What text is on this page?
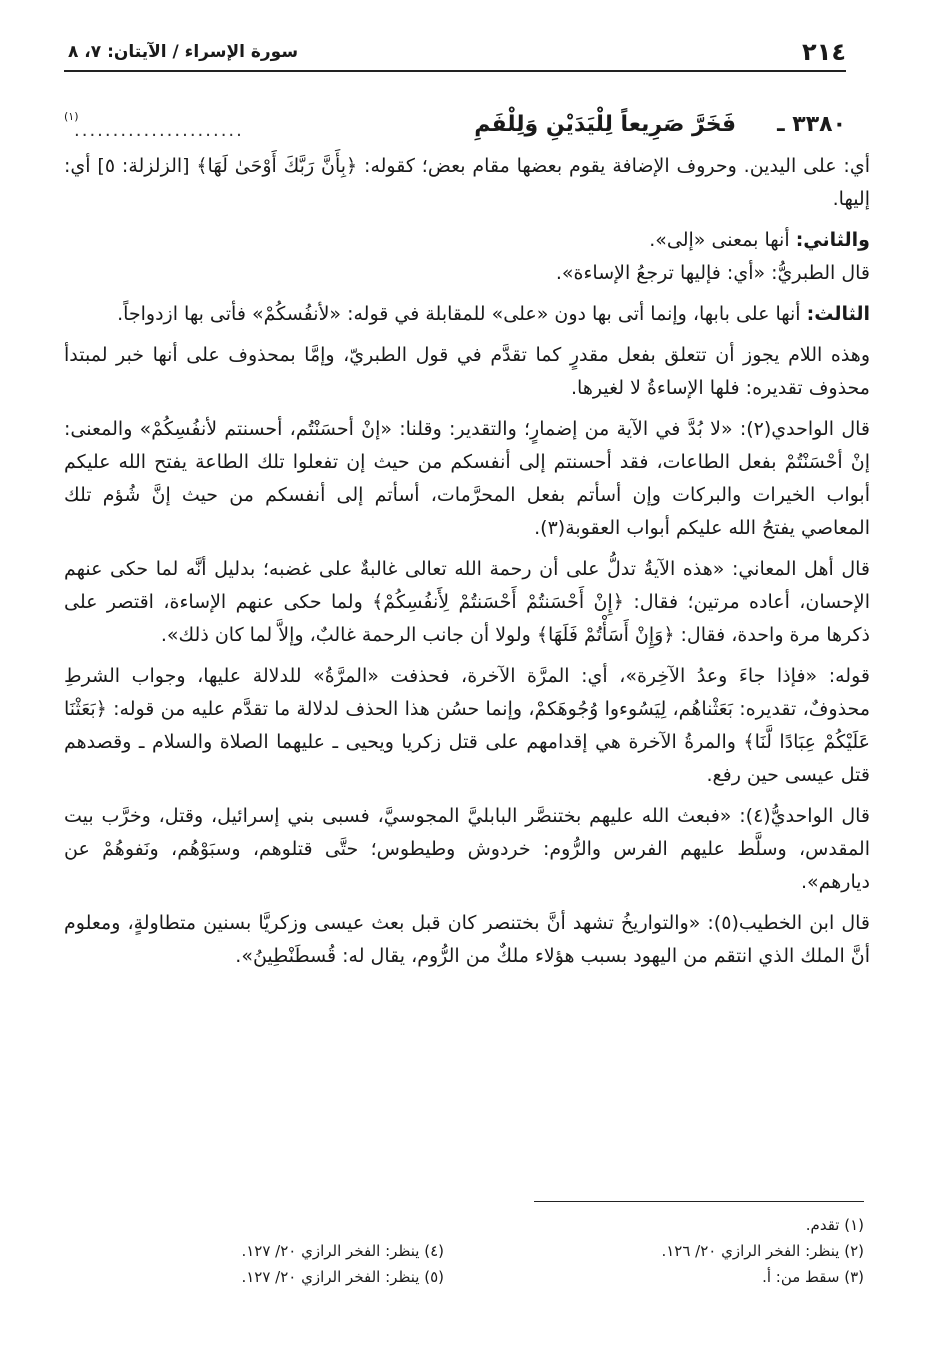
٢١٤
سورة الإسراء / الآيتان: ٧، ٨
٣٣٨٠ ـ
فَخَرَّ صَرِيعاً لِلْيَدَيْنِ وَلِلْفَمِ
......................
(١)

أي: على اليدين. وحروف الإضافة يقوم بعضها مقام بعض؛ كقوله: ﴿بِأَنَّ رَبَّكَ أَوْحَىٰ لَهَا﴾ [الزلزلة: ٥] أي: إليها.

والثاني: أنها بمعنى «إلى».

قال الطبريُّ: «أي: فإليها ترجعُ الإساءة».

الثالث: أنها على بابها، وإنما أتى بها دون «على» للمقابلة في قوله: «لأنفُسكُمْ» فأتى بها ازدواجاً.

وهذه اللام يجوز أن تتعلق بفعل مقدرٍ كما تقدَّم في قول الطبريّ، وإمَّا بمحذوف على أنها خبر لمبتدأ محذوف تقديره: فلها الإساءةُ لا لغيرها.

قال الواحدي(٢): «لا بُدَّ في الآية من إضمارٍ؛ والتقدير: وقلنا: «إنْ أحسَنْتُم، أحسنتم لأنفُسِكُمْ» والمعنى: إنْ أحْسَنْتُمْ بفعل الطاعات، فقد أحسنتم إلى أنفسكم من حيث إن تفعلوا تلك الطاعة يفتح الله عليكم أبواب الخيرات والبركات وإن أسأتم بفعل المحرَّمات، أسأتم إلى أنفسكم من حيث إنَّ شُؤم تلك المعاصي يفتحُ الله عليكم أبواب العقوبة(٣).

قال أهل المعاني: «هذه الآيةُ تدلُّ على أن رحمة الله تعالى غالبةٌ على غضبه؛ بدليل أنَّه لما حكى عنهم الإحسان، أعاده مرتين؛ فقال: ﴿إِنْ أَحْسَنتُمْ أَحْسَنتُمْ لِأَنفُسِكُمْ﴾ ولما حكى عنهم الإساءة، اقتصر على ذكرها مرة واحدة، فقال: ﴿وَإِنْ أَسَأْتُمْ فَلَهَا﴾ ولولا أن جانب الرحمة غالبٌ، وإلاَّ لما كان ذلك».

قوله: «فإذا جاءَ وعدُ الآخِرة»، أي: المرَّة الآخرة، فحذفت «المرَّةُ» للدلالة عليها، وجواب الشرطِ محذوفٌ، تقديره: بَعَثْناهُم، لِيَسُوءوا وُجُوهَكمْ، وإنما حسُن هذا الحذف لدلالة ما تقدَّم عليه من قوله: ﴿بَعَثْنَا عَلَيْكُمْ عِبَادًا لَّنَا﴾ والمرةُ الآخرة هي إقدامهم على قتل زكريا ويحيى ـ عليهما الصلاة والسلام ـ وقصدهم قتل عيسى حين رفع.

قال الواحديُّ(٤): «فبعث الله عليهم بختنصَّر البابليَّ المجوسيَّ، فسبى بني إسرائيل، وقتل، وخرَّب بيت المقدس، وسلَّط عليهم الفرس والرُّوم: خردوش وطيطوس؛ حتَّى قتلوهم، وسبَوْهُم، ونَفوهُمْ عن ديارهم».

قال ابن الخطيب(٥): «والتواريخُ تشهد أنَّ بختنصر كان قبل بعث عيسى وزكريَّا بسنين متطاولةٍ، ومعلوم أنَّ الملك الذي انتقم من اليهود بسبب هؤلاء ملكٌ من الرُّوم، يقال له: قُسطَنْطِينُ».

(١) تقدم.
(٢) ينظر: الفخر الرازي ٢٠/ ١٢٦.
(٣) سقط من: أ.
(٤) ينظر: الفخر الرازي ٢٠/ ١٢٧.
(٥) ينظر: الفخر الرازي ٢٠/ ١٢٧.
